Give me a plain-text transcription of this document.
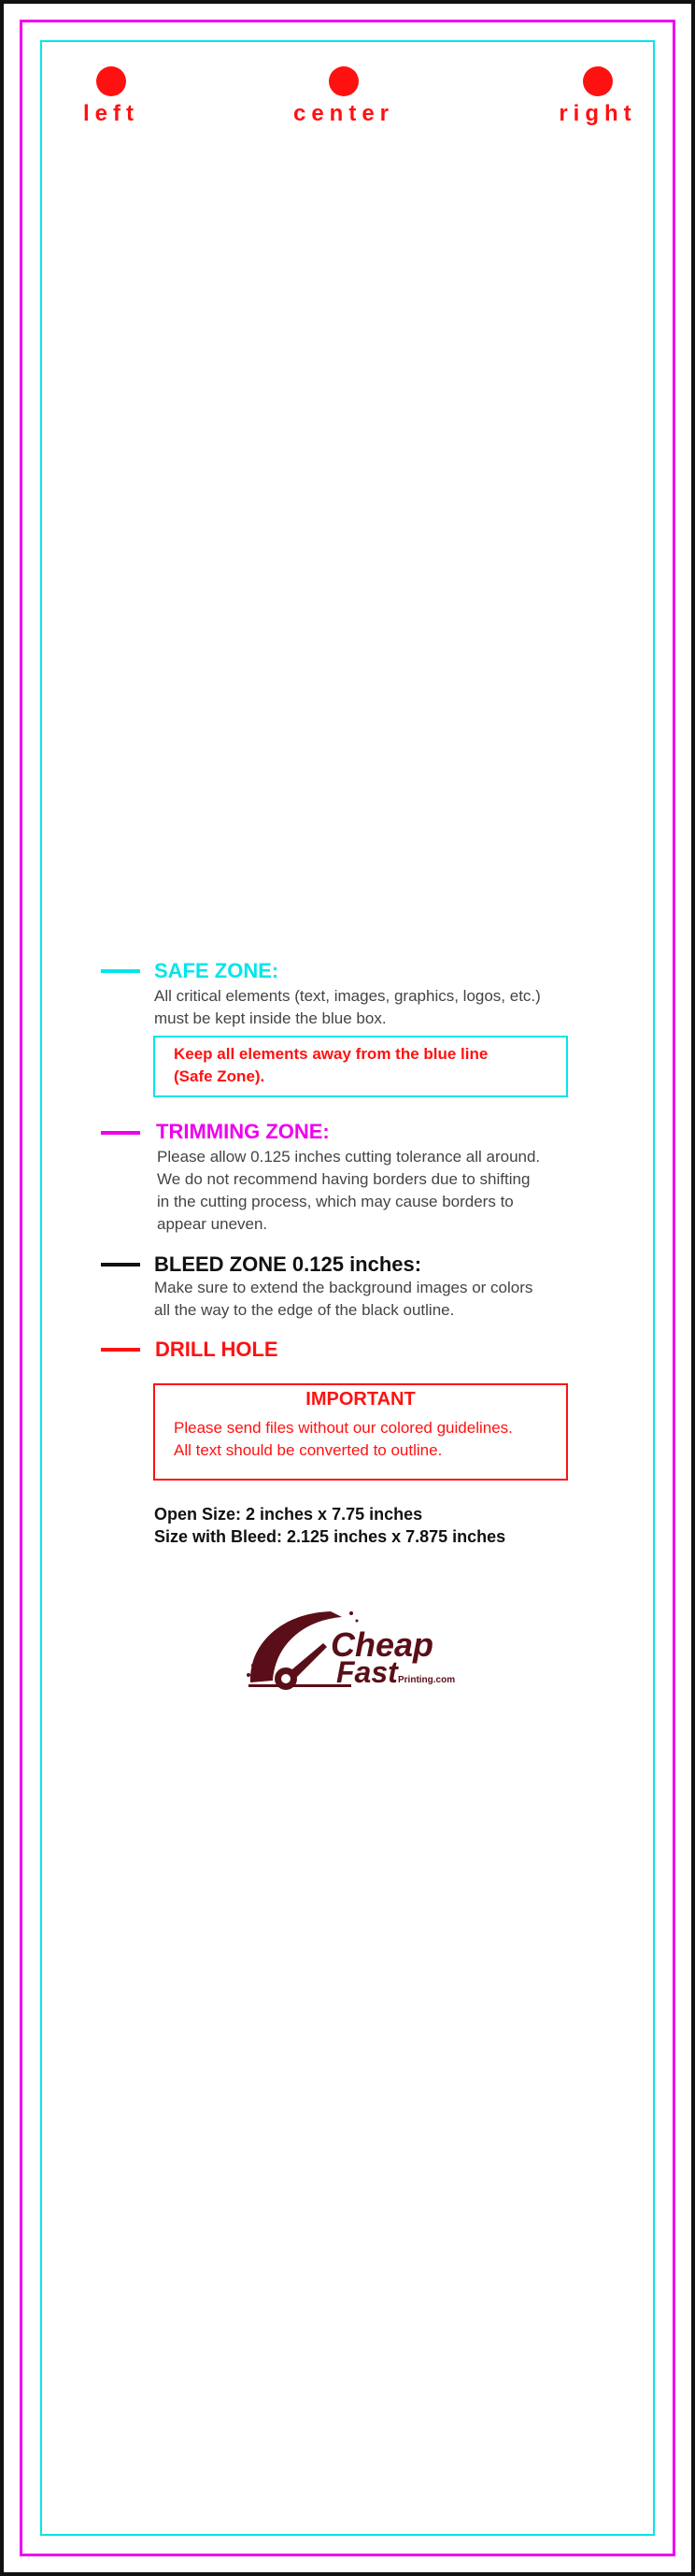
left	center	right
SAFE ZONE:
All critical elements (text, images, graphics, logos, etc.)
must be kept inside the blue box.
Keep all elements away from the blue line
(Safe Zone).
TRIMMING ZONE:
Please allow 0.125 inches cutting tolerance all around.
We do not recommend having borders due to shifting
in the cutting process, which may cause borders to
appear uneven.
BLEED ZONE 0.125 inches:
Make sure to extend the background images or colors
all the way to the edge of the black outline.
DRILL HOLE
IMPORTANT
Please send files without our colored guidelines.
All text should be converted to outline.
Open Size: 2 inches x 7.75 inches
Size with Bleed: 2.125 inches x 7.875 inches
Cheap
Fast Printing.com
